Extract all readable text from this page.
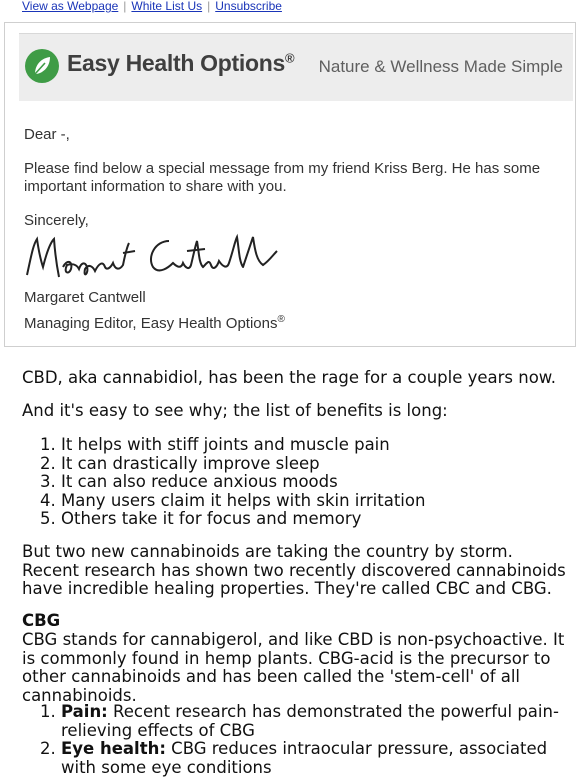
View as Webpage | White List Us | Unsubscribe
Easy Health Options® Nature & Wellness Made Simple
Dear -,
Please find below a special message from my friend Kriss Berg. He has some important information to share with you.
Sincerely,
Margaret Cantwell
Managing Editor, Easy Health Options®
CBD, aka cannabidiol, has been the rage for a couple years now.
And it's easy to see why; the list of benefits is long:
1. It helps with stiff joints and muscle pain
2. It can drastically improve sleep
3. It can also reduce anxious moods
4. Many users claim it helps with skin irritation
5. Others take it for focus and memory
But two new cannabinoids are taking the country by storm. Recent research has shown two recently discovered cannabinoids have incredible healing properties. They're called CBC and CBG.
CBG
CBG stands for cannabigerol, and like CBD is non-psychoactive. It is commonly found in hemp plants. CBG-acid is the precursor to other cannabinoids and has been called the 'stem-cell' of all cannabinoids.
1. Pain: Recent research has demonstrated the powerful pain-relieving effects of CBG
2. Eye health: CBG reduces intraocular pressure, associated with some eye conditions
